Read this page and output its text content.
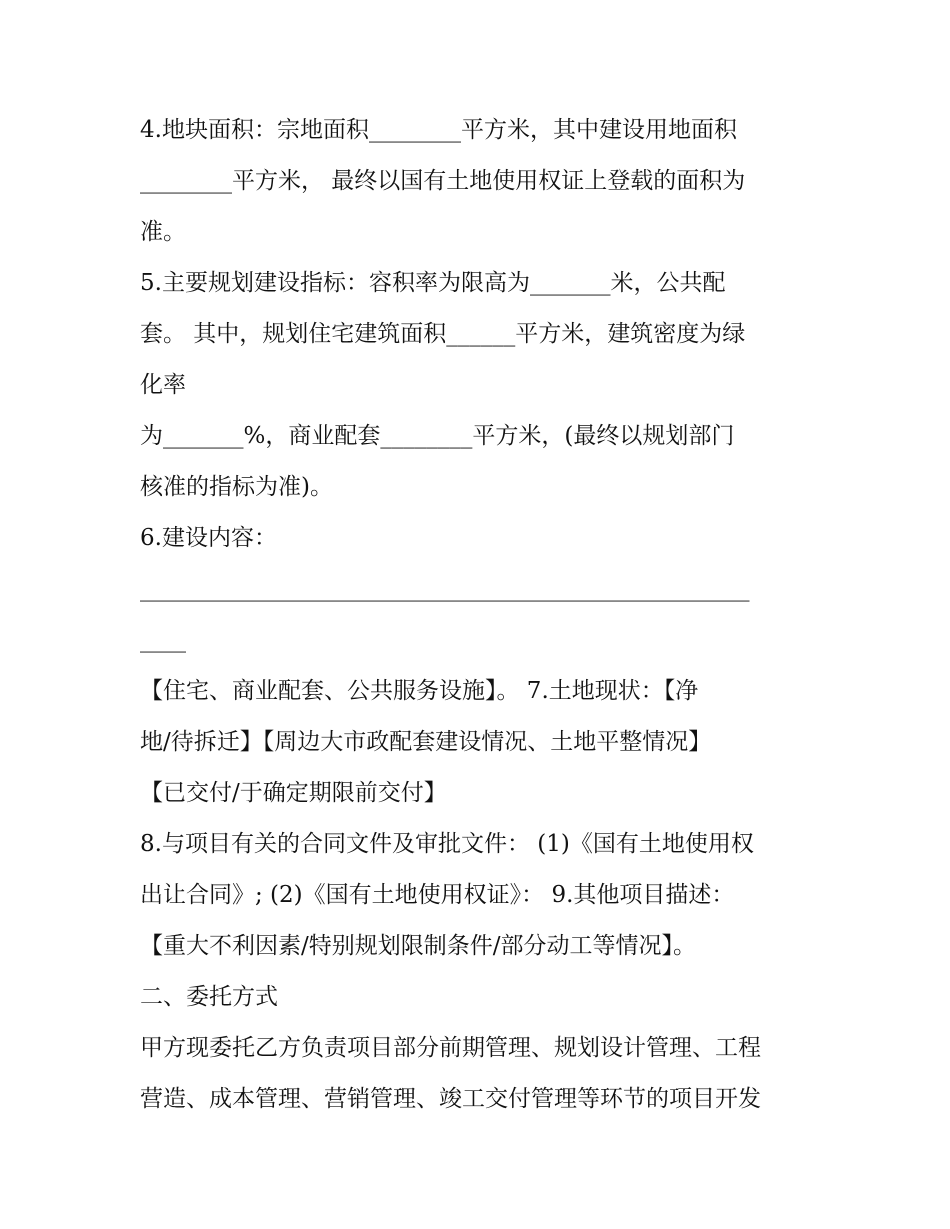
4.地块面积：宗地面积________平方米，其中建设用地面积

________平方米， 最终以国有土地使用权证上登载的面积为

准。

5.主要规划建设指标：容积率为限高为_______米，公共配

套。 其中，规划住宅建筑面积______平方米，建筑密度为绿

化率

为_______%，商业配套________平方米，(最终以规划部门

核准的指标为准)。

6.建设内容：

_____________________________________________________

____

【住宅、商业配套、公共服务设施】。 7.土地现状：【净

地/待拆迁】【周边大市政配套建设情况、土地平整情况】

【已交付/于确定期限前交付】

8.与项目有关的合同文件及审批文件： (1)《国有土地使用权

出让合同》; (2)《国有土地使用权证》： 9.其他项目描述：

【重大不利因素/特别规划限制条件/部分动工等情况】。

二、委托方式

甲方现委托乙方负责项目部分前期管理、规划设计管理、工程

营造、成本管理、营销管理、竣工交付管理等环节的项目开发
